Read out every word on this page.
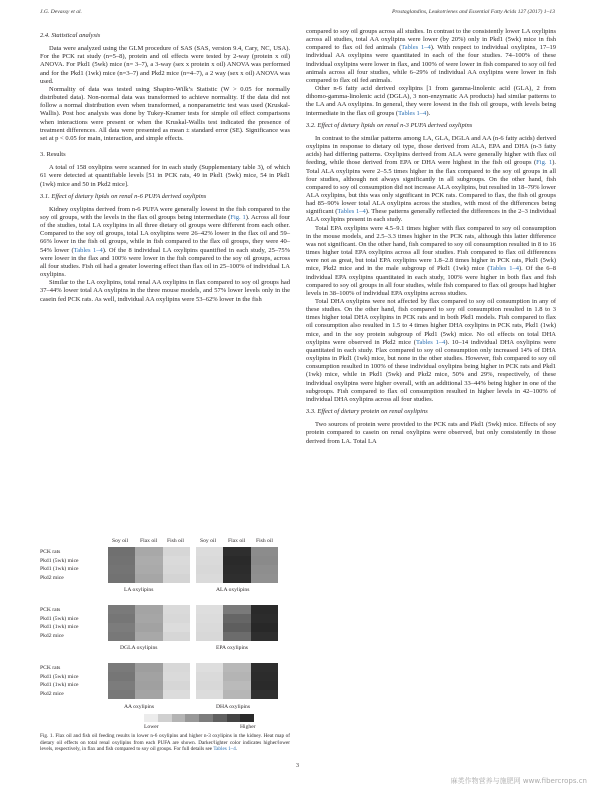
J.G. Devassy et al.	Prostaglandins, Leukotrienes and Essential Fatty Acids 127 (2017) 1–13
2.4. Statistical analysis

Data were analyzed using the GLM procedure of SAS (SAS, version 9.4, Cary, NC, USA). For the PCK rat study (n=5–8), protein and oil effects were tested by 2-way (protein x oil) ANOVA. For Pkd1 (5wk) mice (n= 3–7), a 3-way (sex x protein x oil) ANOVA was performed and for the Pkd1 (1wk) mice (n=3–7) and Pkd2 mice (n=4–7), a 2 way (sex x oil) ANOVA was used.

Normality of data was tested using Shapiro-Wilk’s Statistic (W > 0.05 for normally distributed data). Non-normal data was transformed to achieve normality. If the data did not follow a normal distribution even when transformed, a nonparametric test was used (Kruskal-Wallis). Post hoc analysis was done by Tukey-Kramer tests for simple oil effect comparisons when interactions were present or when the Kruskal-Wallis test indicated the presence of treatment differences. All data were presented as mean ± standard error (SE). Significance was set at p < 0.05 for main, interaction, and simple effects.

3. Results

A total of 158 oxylipins were scanned for in each study (Supplementary table 3), of which 61 were detected at quantifiable levels [51 in PCK rats, 49 in Pkd1 (5wk) mice, 54 in Pkd1 (1wk) mice and 50 in Pkd2 mice].

3.1. Effect of dietary lipids on renal n-6 PUFA derived oxylipins

Kidney oxylipins derived from n-6 PUFA were generally lowest in the fish compared to the soy oil groups, with the levels in the flax oil groups being intermediate (Fig. 1). Across all four of the studies, total LA oxylipins in all three dietary oil groups were different from each other. Compared to the soy oil groups, total LA oxylipins were 26–42% lower in the flax oil and 59–66% lower in the fish oil groups, while in fish compared to the flax oil groups, they were 40–54% lower (Tables 1–4). Of the 8 individual LA oxylipins quantified in each study, 25–75% were lower in the flax and 100% were lower in the fish compared to the soy oil groups, across all four studies. Fish oil had a greater lowering effect than flax oil in 25–100% of individual LA oxylipins.

Similar to the LA oxylipins, total renal AA oxylipins in flax compared to soy oil groups had 37–44% lower total AA oxylipins in the three mouse models, and 57% lower levels only in the casein fed PCK rats. As well, individual AA oxylipins were 53–62% lower in the fish

Soy oil Flax oil Fish oil	Soy oil Flax oil Fish oil
PCK rats
Pkd1 (5wk) mice
Pkd1 (1wk) mice
Pkd2 mice
PCK rats
Pkd1 (5wk) mice
Pkd1 (1wk) mice
Pkd2 mice
PCK rats
Pkd1 (5wk) mice
Pkd1 (1wk) mice
Pkd2 mice
LA oxylipins	ALA oxylipins
DGLA oxylipins	EPA oxylipins
AA oxylipins	DHA oxylipins
Lower	Higher
Fig. 1. Flax oil and fish oil feeding results in lower n-6 oxylipins and higher n-3 oxylipins in the kidney. Heat map of dietary oil effects on total renal oxylipins from each PUFA are shown. Darker/lighter color indicates higher/lower levels, respectively, in flax and fish compared to soy oil groups. For full details see Tables 1–4.

compared to soy oil groups across all studies. In contrast to the consistently lower LA oxylipins across all studies, total AA oxylipins were lower (by 20%) only in Pkd1 (5wk) mice in fish compared to flax oil fed animals (Tables 1–4). With respect to individual oxylipins, 17–19 individual AA oxylipins were quantitated in each of the four studies. 74–100% of these individual oxylipins were lower in flax, and 100% of were lower in fish compared to soy oil fed animals across all four studies, while 6–29% of individual AA oxylipins were lower in fish compared to flax oil fed animals.

Other n-6 fatty acid derived oxylipins [1 from gamma-linolenic acid (GLA), 2 from dihomo-gamma-linolenic acid (DGLA), 3 non-enzymatic AA products) had similar patterns to the LA and AA oxylipins. In general, they were lowest in the fish oil groups, with levels being intermediate in the flax oil groups (Tables 1–4).

3.2. Effect of dietary lipids on renal n-3 PUFA derived oxylipins

In contrast to the similar patterns among LA, GLA, DGLA and AA (n-6 fatty acids) derived oxylipins in response to dietary oil type, those derived from ALA, EPA and DHA (n-3 fatty acids) had differing patterns. Oxylipins derived from ALA were generally higher with flax oil feeding, while those derived from EPA or DHA were highest in the fish oil groups (Fig. 1). Total ALA oxylipins were 2–5.5 times higher in the flax compared to the soy oil groups in all four studies, although not always significantly in all subgroups. On the other hand, fish compared to soy oil consumption did not increase ALA oxylipins, but resulted in 18–79% lower ALA oxylipins, but this was only significant in PCK rats. Compared to flax, the fish oil groups had 85–90% lower total ALA oxylipins across the studies, with most of the differences being significant (Tables 1–4). These patterns generally reflected the differences in the 2–3 individual ALA oxylipins present in each study.

Total EPA oxylipins were 4.5–9.1 times higher with flax compared to soy oil consumption in the mouse models, and 2.5–3.3 times higher in the PCK rats, although this latter difference was not significant. On the other hand, fish compared to soy oil consumption resulted in 8 to 16 times higher total EPA oxylipins across all four studies. Fish compared to flax oil differences were not as great, but total EPA oxylipins were 1.8–2.8 times higher in PCK rats, Pkd1 (5wk) mice, Pkd2 mice and in the male subgroup of Pkd1 (1wk) mice (Tables 1–4). Of the 6–8 individual EPA oxylipins quantitated in each study, 100% were higher in both flax and fish compared to soy oil groups in all four studies, while fish compared to flax oil groups had higher levels in 38–100% of individual EPA oxylipins across studies.

Total DHA oxylipins were not affected by flax compared to soy oil consumption in any of these studies. On the other hand, fish compared to soy oil consumption resulted in 1.8 to 3 times higher total DHA oxylipins in PCK rats and in both Pkd1 models. Fish compared to flax oil consumption also resulted in 1.5 to 4 times higher DHA oxylipins in PCK rats, Pkd1 (1wk) mice, and in the soy protein subgroup of Pkd1 (5wk) mice. No oil effects on total DHA oxylipins were observed in Pkd2 mice (Tables 1–4). 10–14 individual DHA oxylipins were quantitated in each study. Flax compared to soy oil consumption only increased 14% of DHA oxylipins in Pkd1 (1wk) mice, but none in the other studies. However, fish compared to soy oil consumption resulted in 100% of these individual oxylipins being higher in PCK rats and Pkd1 (1wk) mice, while in Pkd1 (5wk) and Pkd2 mice, 50% and 29%, respectively, of these individual oxylipins were higher overall, with an additional 33–44% being higher in one of the subgroups. Fish compared to flax oil consumption resulted in higher levels in 42–100% of individual DHA oxylipins across all four studies.

3.3. Effect of dietary protein on renal oxylipins

Two sources of protein were provided to the PCK rats and Pkd1 (5wk) mice. Effects of soy protein compared to casein on renal oxylipins were observed, but only consistently in those derived from LA. Total LA

3
麻类作物营养与施肥网 www.fibercrops.cn
